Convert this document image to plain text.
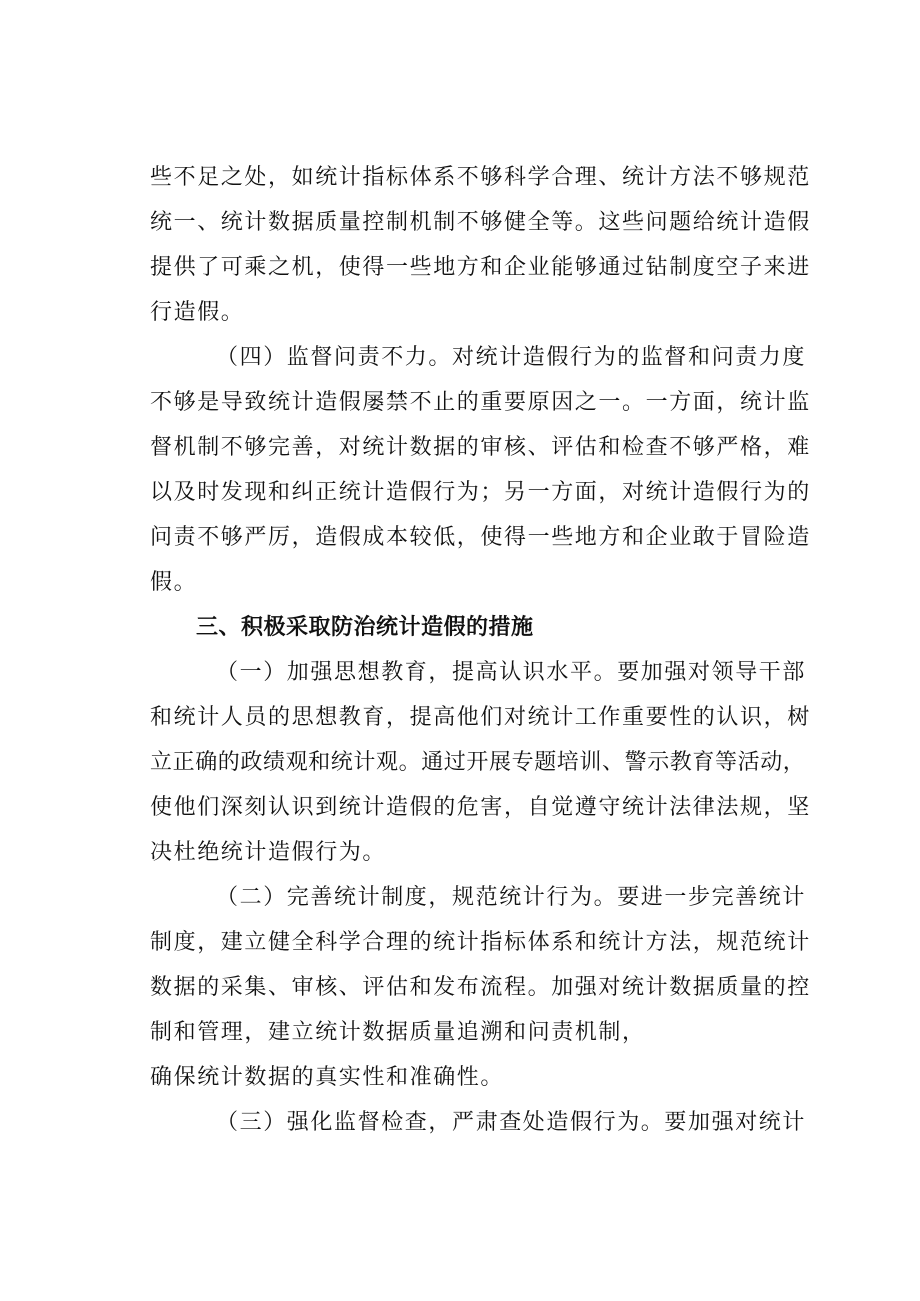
些不足之处，如统计指标体系不够科学合理、统计方法不够规范
统一、统计数据质量控制机制不够健全等。这些问题给统计造假
提供了可乘之机，使得一些地方和企业能够通过钻制度空子来进
行造假。
（四）监督问责不力。对统计造假行为的监督和问责力度
不够是导致统计造假屡禁不止的重要原因之一。一方面，统计监
督机制不够完善，对统计数据的审核、评估和检查不够严格，难
以及时发现和纠正统计造假行为；另一方面，对统计造假行为的
问责不够严厉，造假成本较低，使得一些地方和企业敢于冒险造
假。
三、积极采取防治统计造假的措施
（一）加强思想教育，提高认识水平。要加强对领导干部
和统计人员的思想教育，提高他们对统计工作重要性的认识，树
立正确的政绩观和统计观。通过开展专题培训、警示教育等活动，
使他们深刻认识到统计造假的危害，自觉遵守统计法律法规，坚
决杜绝统计造假行为。
（二）完善统计制度，规范统计行为。要进一步完善统计
制度，建立健全科学合理的统计指标体系和统计方法，规范统计
数据的采集、审核、评估和发布流程。加强对统计数据质量的控
制和管理，建立统计数据质量追溯和问责机制，
确保统计数据的真实性和准确性。
（三）强化监督检查，严肃查处造假行为。要加强对统计
